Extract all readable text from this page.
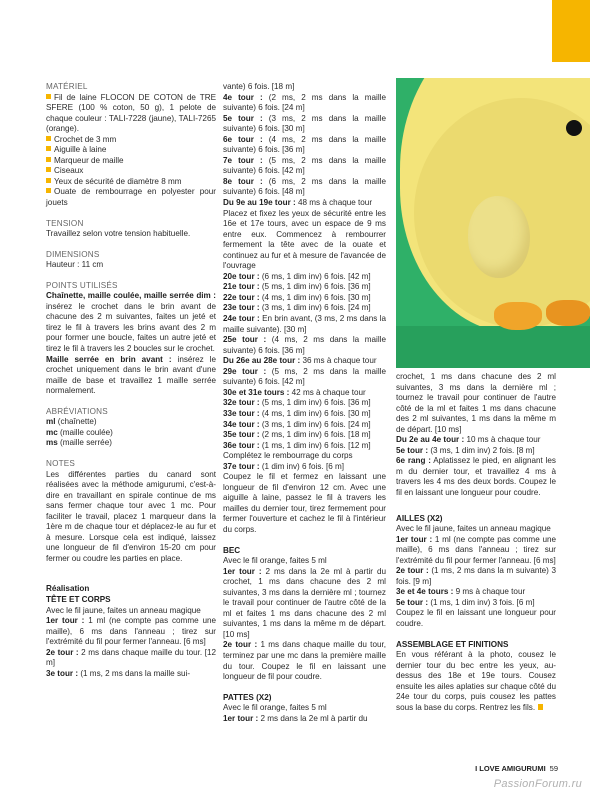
MATÉRIEL

Fil de laine FLOCON DE COTON de TRE SFERE (100 % coton, 50 g), 1 pelote de chaque couleur : TALI-7228 (jaune), TALI-7265 (orange).

Crochet de 3 mm

Aiguille à laine

Marqueur de maille

Ciseaux

Yeux de sécurité de diamètre 8 mm

Ouate de rembourrage en polyester pour jouets

TENSION

Travaillez selon votre tension habituelle.

DIMENSIONS

Hauteur : 11 cm

POINTS UTILISÉS

Chaînette, maille coulée, maille serrée dim : insérez le crochet dans le brin avant de chacune des 2 m suivantes, faites un jeté et tirez le fil à travers les brins avant des 2 m pour former une boucle, faites un autre jeté et tirez le fil à travers les 2 boucles sur le crochet.

Maille serrée en brin avant : insérez le crochet uniquement dans le brin avant d'une maille de base et travaillez 1 maille serrée normalement.

ABRÉVIATIONS

ml (chaînette)

mc (maille coulée)

ms (maille serrée)

NOTES

Les différentes parties du canard sont réalisées avec la méthode amigurumi, c'est-à-dire en travaillant en spirale continue de ms sans fermer chaque tour avec 1 mc. Pour faciliter le travail, placez 1 marqueur dans la 1ère m de chaque tour et déplacez-le au fur et à mesure. Lorsque cela est indiqué, laissez une longueur de fil d'environ 15-20 cm pour fermer ou coudre les parties en place.

Réalisation

TÊTE ET CORPS

Avec le fil jaune, faites un anneau magique

1er tour : 1 ml (ne compte pas comme une maille), 6 ms dans l'anneau ; tirez sur l'extrémité du fil pour fermer l'anneau. [6 ms]

2e tour : 2 ms dans chaque maille du tour. [12 m]

3e tour : (1 ms, 2 ms dans la maille sui-

vante) 6 fois. [18 m]

4e tour : (2 ms, 2 ms dans la maille suivante) 6 fois. [24 m]

5e tour : (3 ms, 2 ms dans la maille suivante) 6 fois. [30 m]

6e tour : (4 ms, 2 ms dans la maille suivante) 6 fois. [36 m]

7e tour : (5 ms, 2 ms dans la maille suivante) 6 fois. [42 m]

8e tour : (6 ms, 2 ms dans la maille suivante) 6 fois. [48 m]

Du 9e au 19e tour : 48 ms à chaque tour

Placez et fixez les yeux de sécurité entre les 16e et 17e tours, avec un espace de 9 ms entre eux. Commencez à rembourrer fermement la tête avec de la ouate et continuez au fur et à mesure de l'avancée de l'ouvrage

20e tour : (6 ms, 1 dim inv) 6 fois. [42 m]

21e tour : (5 ms, 1 dim inv) 6 fois. [36 m]

22e tour : (4 ms, 1 dim inv) 6 fois. [30 m]

23e tour : (3 ms, 1 dim inv) 6 fois. [24 m]

24e tour : En brin avant, (3 ms, 2 ms dans la maille suivante). [30 m]

25e tour : (4 ms, 2 ms dans la maille suivante) 6 fois. [36 m]

Du 26e au 28e tour : 36 ms à chaque tour

29e tour : (5 ms, 2 ms dans la maille suivante) 6 fois. [42 m]

30e et 31e tours : 42 ms à chaque tour

32e tour : (5 ms, 1 dim inv) 6 fois. [36 m]

33e tour : (4 ms, 1 dim inv) 6 fois. [30 m]

34e tour : (3 ms, 1 dim inv) 6 fois. [24 m]

35e tour : (2 ms, 1 dim inv) 6 fois. [18 m]

36e tour : (1 ms, 1 dim inv) 6 fois. [12 m]

Complétez le rembourrage du corps

37e tour : (1 dim inv) 6 fois. [6 m]

Coupez le fil et fermez en laissant une longueur de fil d'environ 12 cm. Avec une aiguille à laine, passez le fil à travers les mailles du dernier tour, tirez fermement pour fermer l'ouverture et cachez le fil à l'intérieur du corps.

BEC

Avec le fil orange, faites 5 ml

1er tour : 2 ms dans la 2e ml à partir du crochet, 1 ms dans chacune des 2 ml suivantes, 3 ms dans la dernière ml ; tournez le travail pour continuer de l'autre côté de la ml et faites 1 ms dans chacune des 2 ml suivantes, 1 ms dans la même m de départ. [10 ms]

2e tour : 1 ms dans chaque maille du tour, terminez par une mc dans la première maille du tour. Coupez le fil en laissant une longueur de fil pour coudre.

PATTES (X2)

Avec le fil orange, faites 5 ml

1er tour : 2 ms dans la 2e ml à partir du

crochet, 1 ms dans chacune des 2 ml suivantes, 3 ms dans la dernière ml ; tournez le travail pour continuer de l'autre côté de la ml et faites 1 ms dans chacune des 2 ml suivantes, 1 ms dans la même m de départ. [10 ms]

Du 2e au 4e tour : 10 ms à chaque tour

5e tour : (3 ms, 1 dim inv) 2 fois. [8 m]

6e rang : Aplatissez le pied, en alignant les m du dernier tour, et travaillez 4 ms à travers les 4 ms des deux bords. Coupez le fil en laissant une longueur pour coudre.

AILLES (X2)

Avec le fil jaune, faites un anneau magique

1er tour : 1 ml (ne compte pas comme une maille), 6 ms dans l'anneau ; tirez sur l'extrémité du fil pour fermer l'anneau. [6 ms]

2e tour : (1 ms, 2 ms dans la m suivante) 3 fois. [9 m]

3e et 4e tours : 9 ms à chaque tour

5e tour : (1 ms, 1 dim inv) 3 fois. [6 m]

Coupez le fil en laissant une longueur pour coudre.

ASSEMBLAGE ET FINITIONS

En vous référant à la photo, cousez le dernier tour du bec entre les yeux, au-dessus des 18e et 19e tours. Cousez ensuite les ailes aplaties sur chaque côté du 24e tour du corps, puis cousez les pattes sous la base du corps. Rentrez les fils.

I LOVE AMIGURUMI 59
PassionForum.ru
